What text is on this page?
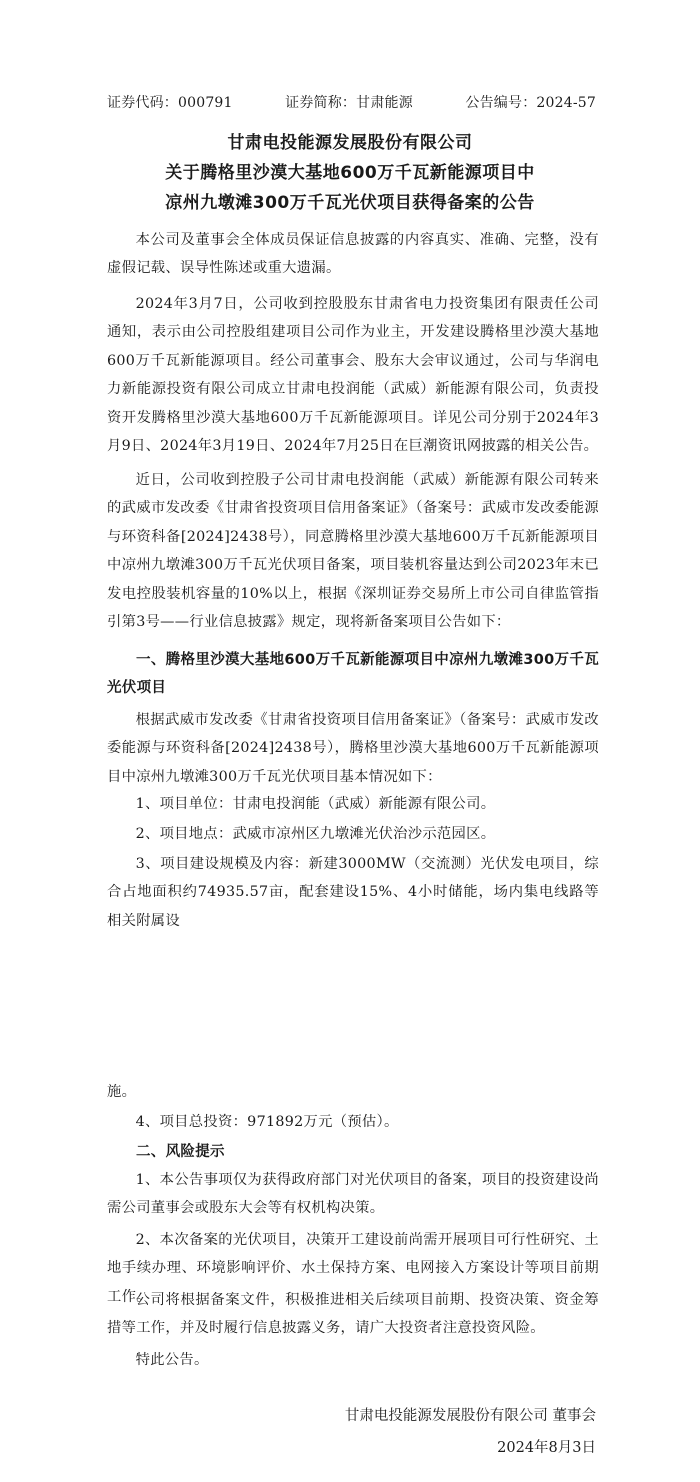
证券代码：000791	证券简称：甘肃能源	公告编号：2024-57
甘肃电投能源发展股份有限公司
关于腾格里沙漠大基地600万千瓦新能源项目中
凉州九墩滩300万千瓦光伏项目获得备案的公告

本公司及董事会全体成员保证信息披露的内容真实、准确、完整，没有虚假记载、误导性陈述或重大遗漏。

2024年3月7日，公司收到控股股东甘肃省电力投资集团有限责任公司通知，表示由公司控股组建项目公司作为业主，开发建设腾格里沙漠大基地600万千瓦新能源项目。经公司董事会、股东大会审议通过，公司与华润电力新能源投资有限公司成立甘肃电投润能（武威）新能源有限公司，负责投资开发腾格里沙漠大基地600万千瓦新能源项目。详见公司分别于2024年3月9日、2024年3月19日、2024年7月25日在巨潮资讯网披露的相关公告。

近日，公司收到控股子公司甘肃电投润能（武威）新能源有限公司转来的武威市发改委《甘肃省投资项目信用备案证》（备案号：武威市发改委能源与环资科备[2024]2438号），同意腾格里沙漠大基地600万千瓦新能源项目中凉州九墩滩300万千瓦光伏项目备案，项目装机容量达到公司2023年末已发电控股装机容量的10%以上，根据《深圳证券交易所上市公司自律监管指引第3号——行业信息披露》规定，现将新备案项目公告如下：

一、腾格里沙漠大基地600万千瓦新能源项目中凉州九墩滩300万千瓦光伏项目

根据武威市发改委《甘肃省投资项目信用备案证》（备案号：武威市发改委能源与环资科备[2024]2438号），腾格里沙漠大基地600万千瓦新能源项目中凉州九墩滩300万千瓦光伏项目基本情况如下：

1、项目单位：甘肃电投润能（武威）新能源有限公司。

2、项目地点：武威市凉州区九墩滩光伏治沙示范园区。

3、项目建设规模及内容：新建3000MW（交流测）光伏发电项目，综合占地面积约74935.57亩，配套建设15%、4小时储能，场内集电线路等相关附属设

施。

4、项目总投资：971892万元（预估）。

二、风险提示

1、本公告事项仅为获得政府部门对光伏项目的备案，项目的投资建设尚需公司董事会或股东大会等有权机构决策。

2、本次备案的光伏项目，决策开工建设前尚需开展项目可行性研究、土地手续办理、环境影响评价、水土保持方案、电网接入方案设计等项目前期工作。

公司将根据备案文件，积极推进相关后续项目前期、投资决策、资金筹措等工作，并及时履行信息披露义务，请广大投资者注意投资风险。

特此公告。

甘肃电投能源发展股份有限公司 董事会
2024年8月3日
